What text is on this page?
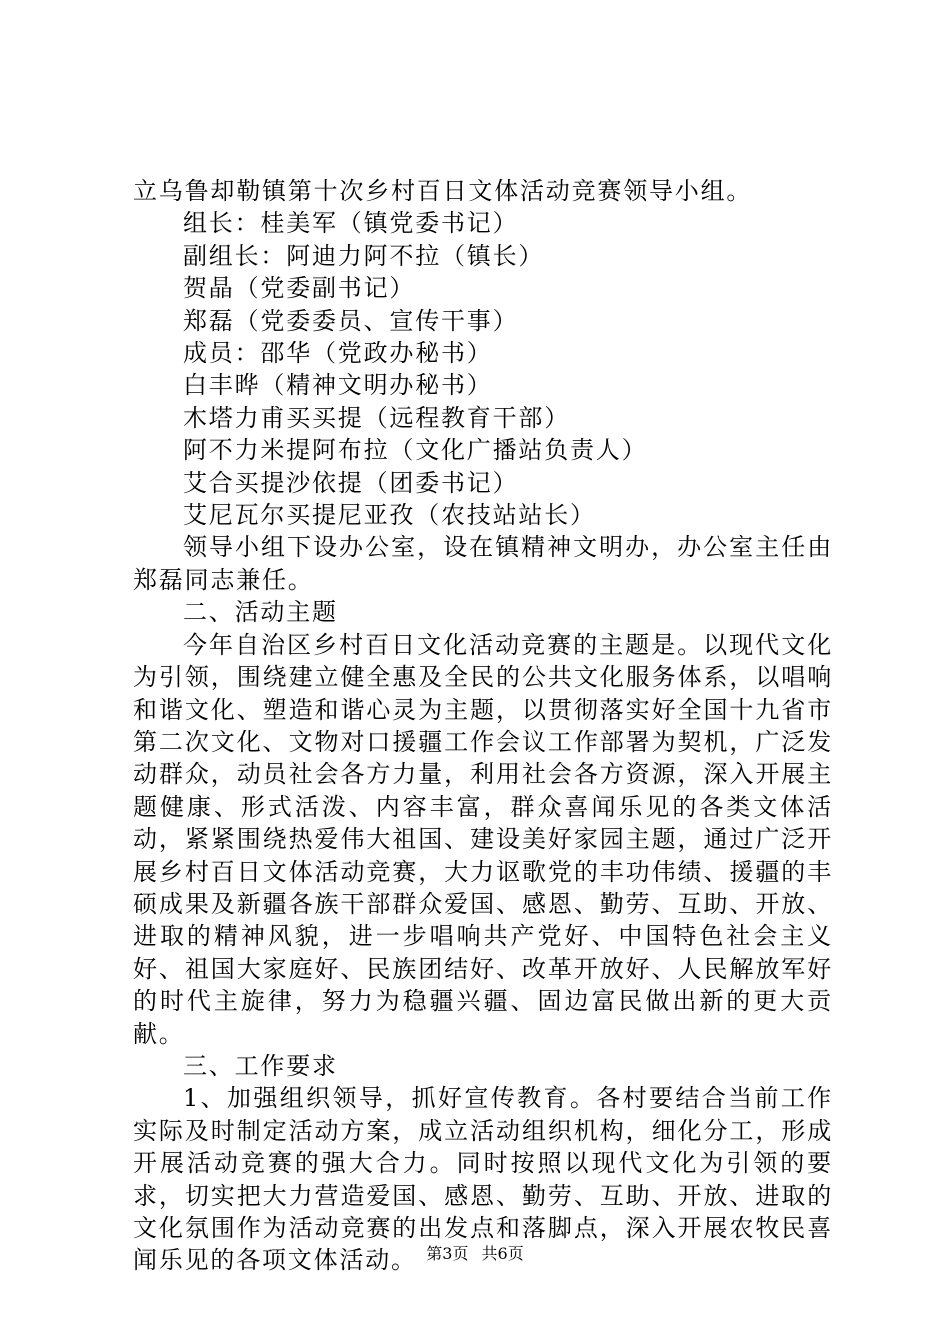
立乌鲁却勒镇第十次乡村百日文体活动竞赛领导小组。

组长：桂美军（镇党委书记）

副组长：阿迪力阿不拉（镇长）

贺晶（党委副书记）

郑磊（党委委员、宣传干事）

成员：邵华（党政办秘书）

白丰晔（精神文明办秘书）

木塔力甫买买提（远程教育干部）

阿不力米提阿布拉（文化广播站负责人）

艾合买提沙依提（团委书记）

艾尼瓦尔买提尼亚孜（农技站站长）

领导小组下设办公室，设在镇精神文明办，办公室主任由郑磊同志兼任。

二、活动主题

今年自治区乡村百日文化活动竞赛的主题是。以现代文化为引领，围绕建立健全惠及全民的公共文化服务体系，以唱响和谐文化、塑造和谐心灵为主题，以贯彻落实好全国十九省市第二次文化、文物对口援疆工作会议工作部署为契机，广泛发动群众，动员社会各方力量，利用社会各方资源，深入开展主题健康、形式活泼、内容丰富，群众喜闻乐见的各类文体活动，紧紧围绕热爱伟大祖国、建设美好家园主题，通过广泛开展乡村百日文体活动竞赛，大力讴歌党的丰功伟绩、援疆的丰硕成果及新疆各族干部群众爱国、感恩、勤劳、互助、开放、进取的精神风貌，进一步唱响共产党好、中国特色社会主义好、祖国大家庭好、民族团结好、改革开放好、人民解放军好的时代主旋律，努力为稳疆兴疆、固边富民做出新的更大贡献。

三、工作要求

1、加强组织领导，抓好宣传教育。各村要结合当前工作实际及时制定活动方案，成立活动组织机构，细化分工，形成开展活动竞赛的强大合力。同时按照以现代文化为引领的要求，切实把大力营造爱国、感恩、勤劳、互助、开放、进取的文化氛围作为活动竞赛的出发点和落脚点，深入开展农牧民喜闻乐见的各项文体活动。 第3页 共6页
